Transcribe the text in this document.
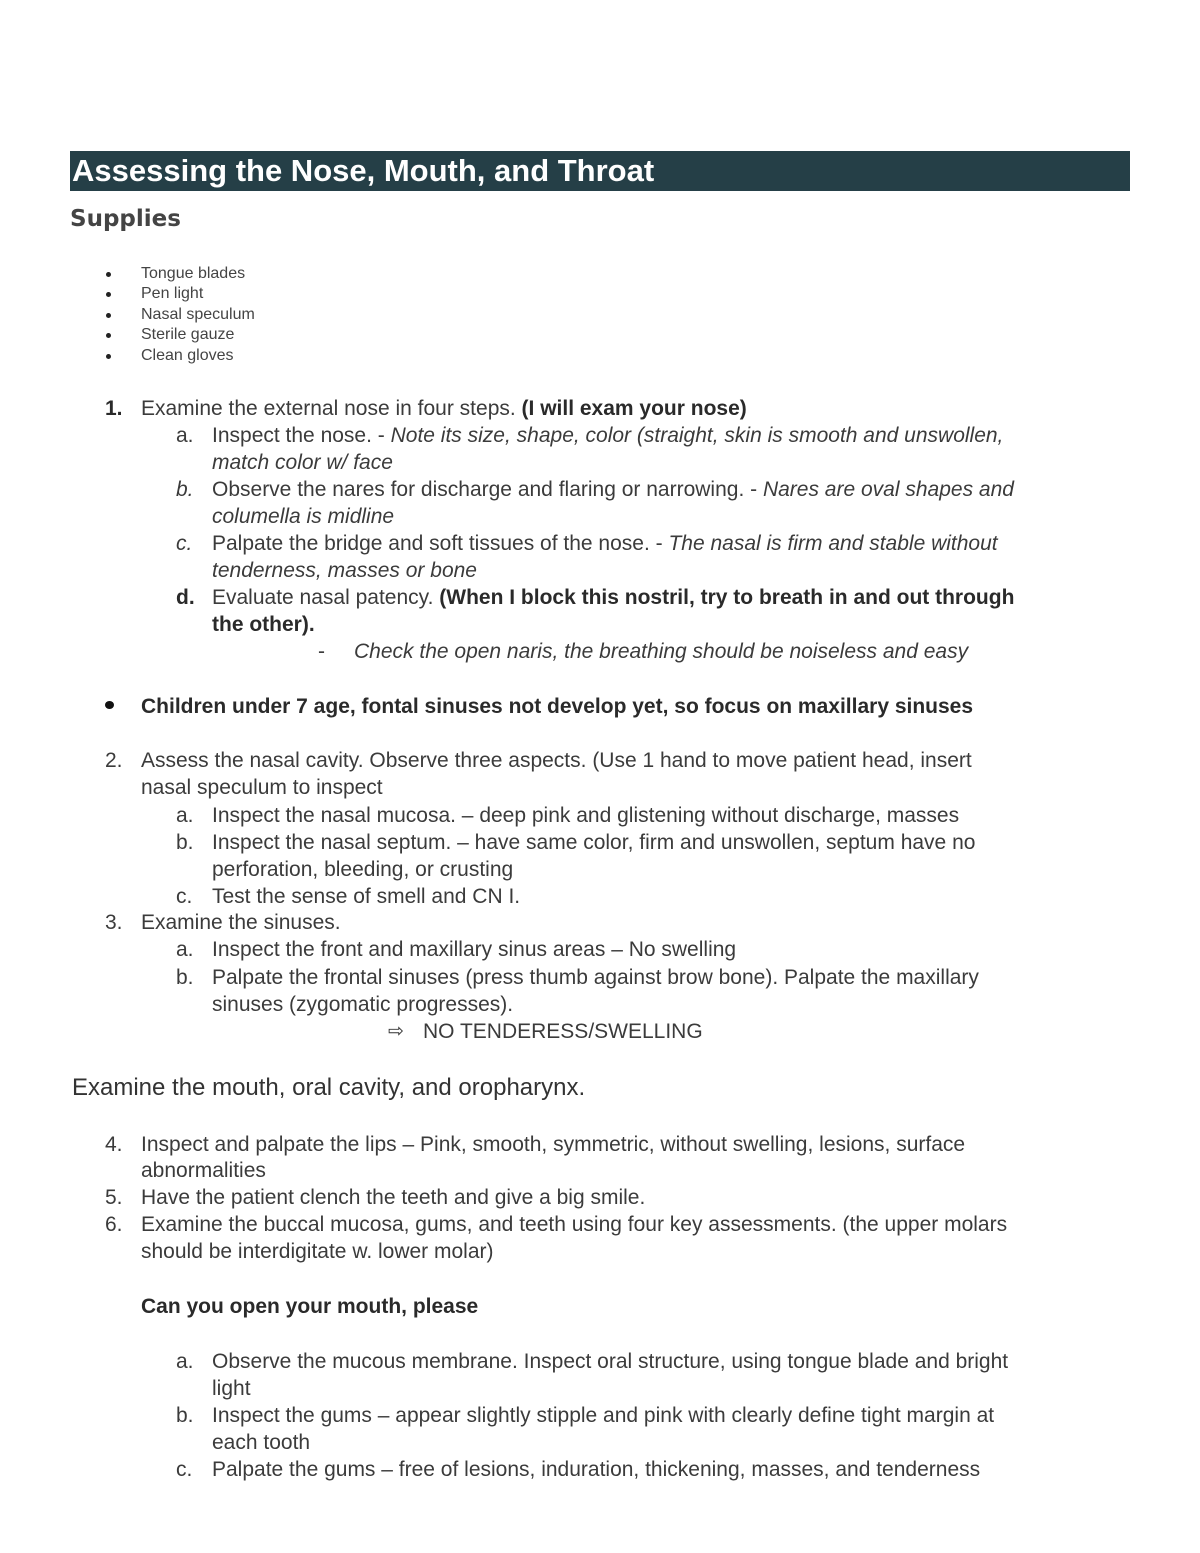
Assessing the Nose, Mouth, and Throat
Supplies
Tongue blades
Pen light
Nasal speculum
Sterile gauze
Clean gloves
1. Examine the external nose in four steps. (I will exam your nose)
a. Inspect the nose. - Note its size, shape, color (straight, skin is smooth and unswollen,
match color w/ face
b. Observe the nares for discharge and flaring or narrowing. - Nares are oval shapes and
columella is midline
c. Palpate the bridge and soft tissues of the nose. - The nasal is firm and stable without
tenderness, masses or bone
d. Evaluate nasal patency. (When I block this nostril, try to breath in and out through
the other).
- Check the open naris, the breathing should be noiseless and easy
Children under 7 age, fontal sinuses not develop yet, so focus on maxillary sinuses
2. Assess the nasal cavity. Observe three aspects. (Use 1 hand to move patient head, insert
nasal speculum to inspect
a. Inspect the nasal mucosa. – deep pink and glistening without discharge, masses
b. Inspect the nasal septum. – have same color, firm and unswollen, septum have no
perforation, bleeding, or crusting
c. Test the sense of smell and CN I.
3. Examine the sinuses.
a. Inspect the front and maxillary sinus areas – No swelling
b. Palpate the frontal sinuses (press thumb against brow bone). Palpate the maxillary
sinuses (zygomatic progresses).
⇨ NO TENDERESS/SWELLING
Examine the mouth, oral cavity, and oropharynx.
4. Inspect and palpate the lips – Pink, smooth, symmetric, without swelling, lesions, surface
abnormalities
5. Have the patient clench the teeth and give a big smile.
6. Examine the buccal mucosa, gums, and teeth using four key assessments. (the upper molars
should be interdigitate w. lower molar)
Can you open your mouth, please
a. Observe the mucous membrane. Inspect oral structure, using tongue blade and bright
light
b. Inspect the gums – appear slightly stipple and pink with clearly define tight margin at
each tooth
c. Palpate the gums – free of lesions, induration, thickening, masses, and tenderness
